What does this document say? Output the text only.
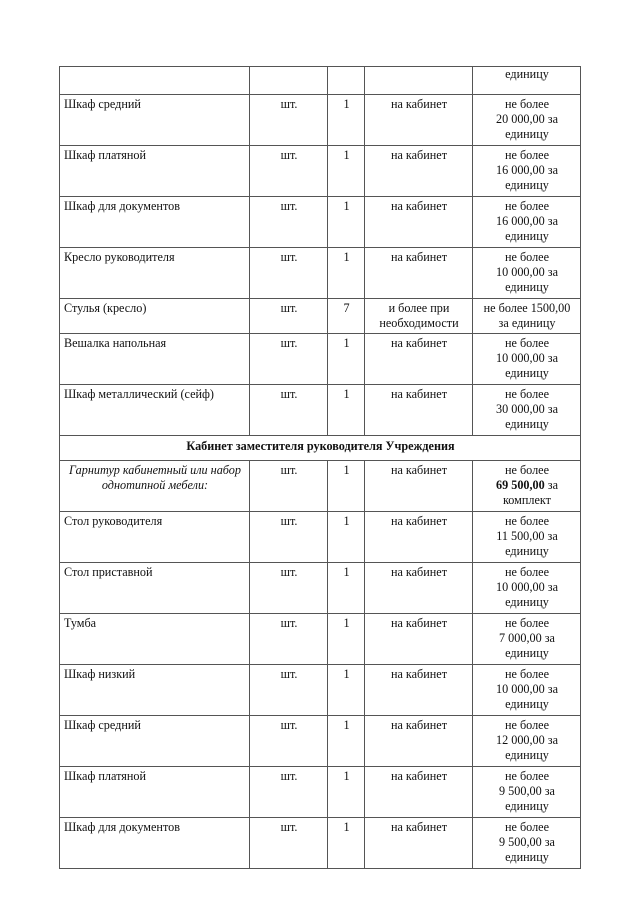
				единицу
Шкаф средний	шт.	1	на кабинет	не более
20 000,00 за
единицу
Шкаф платяной	шт.	1	на кабинет	не более
16 000,00 за
единицу
Шкаф для документов	шт.	1	на кабинет	не более
16 000,00 за
единицу
Кресло руководителя	шт.	1	на кабинет	не более
10 000,00 за
единицу
Стулья (кресло)	шт.	7	и более при
необходимости	не более 1500,00
за единицу
Вешалка напольная	шт.	1	на кабинет	не более
10 000,00 за
единицу
Шкаф металлический (сейф)	шт.	1	на кабинет	не более
30 000,00 за
единицу
Кабинет заместителя руководителя Учреждения				
Гарнитур кабинетный или набор
однотипной мебели:	шт.	1	на кабинет	не более
69 500,00 за
комплект
Стол руководителя	шт.	1	на кабинет	не более
11 500,00 за
единицу
Стол приставной	шт.	1	на кабинет	не более
10 000,00 за
единицу
Тумба	шт.	1	на кабинет	не более
7 000,00 за
единицу
Шкаф низкий	шт.	1	на кабинет	не более
10 000,00 за
единицу
Шкаф средний	шт.	1	на кабинет	не более
12 000,00 за
единицу
Шкаф платяной	шт.	1	на кабинет	не более
9 500,00 за
единицу
Шкаф для документов	шт.	1	на кабинет	не более
9 500,00 за
единицу
